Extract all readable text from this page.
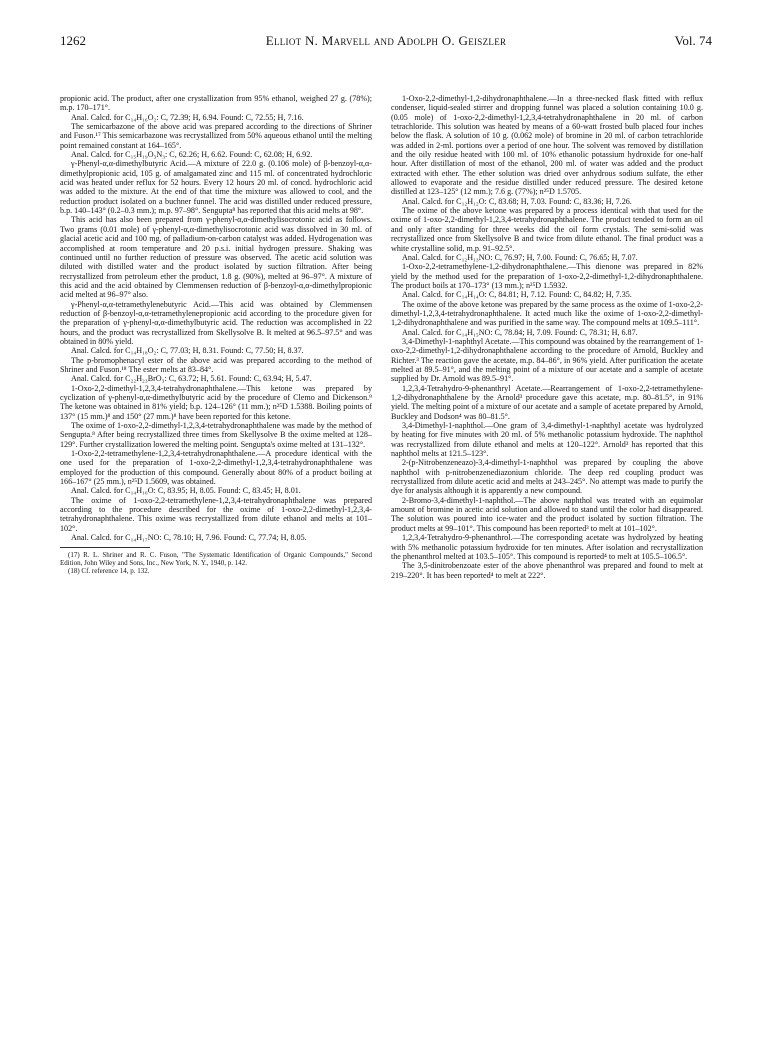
1262	Elliot N. Marvell and Adolph O. Geiszler	Vol. 74

propionic acid. The product, after one crystallization from 95% ethanol, weighed 27 g. (78%); m.p. 170–171°.

Anal. Calcd. for C₁₄H₁₆O₂: C, 72.39; H, 6.94. Found: C, 72.55; H, 7.16.

The semicarbazone of the above acid was prepared according to the directions of Shriner and Fuson.¹⁷ This semicarbazone was recrystallized from 50% aqueous ethanol until the melting point remained constant at 164–165°.

Anal. Calcd. for C₁₅H₁₉O₃N₃: C, 62.26; H, 6.62. Found: C, 62.08; H, 6.92.

γ-Phenyl-α,α-dimethylbutyric Acid.—A mixture of 22.0 g. (0.106 mole) of β-benzoyl-α,α-dimethylpropionic acid, 105 g. of amalgamated zinc and 115 ml. of concentrated hydrochloric acid was heated under reflux for 52 hours. Every 12 hours 20 ml. of concd. hydrochloric acid was added to the mixture. At the end of that time the mixture was allowed to cool, and the reduction product isolated on a buchner funnel. The acid was distilled under reduced pressure, b.p. 140–143° (0.2–0.3 mm.); m.p. 97–98°. Sengupta⁸ has reported that this acid melts at 98°.

This acid has also been prepared from γ-phenyl-α,α-dimethylisocrotonic acid as follows. Two grams (0.01 mole) of γ-phenyl-α,α-dimethylisocrotonic acid was dissolved in 30 ml. of glacial acetic acid and 100 mg. of palladium-on-carbon catalyst was added. Hydrogenation was accomplished at room temperature and 20 p.s.i. initial hydrogen pressure. Shaking was continued until no further reduction of pressure was observed. The acetic acid solution was diluted with distilled water and the product isolated by suction filtration. After being recrystallized from petroleum ether the product, 1.8 g. (90%), melted at 96–97°. A mixture of this acid and the acid obtained by Clemmensen reduction of β-benzoyl-α,α-dimethylpropionic acid melted at 96–97° also.

γ-Phenyl-α,α-tetramethylenebutyric Acid.—This acid was obtained by Clemmensen reduction of β-benzoyl-α,α-tetramethylenepropionic acid according to the procedure given for the preparation of γ-phenyl-α,α-dimethylbutyric acid. The reduction was accomplished in 22 hours, and the product was recrystallized from Skellysolve B. It melted at 96.5–97.5° and was obtained in 80% yield.

Anal. Calcd. for C₁₄H₁₈O₂: C, 77.03; H, 8.31. Found: C, 77.50; H, 8.37.

The p-bromophenacyl ester of the above acid was prepared according to the method of Shriner and Fuson.¹⁸ The ester melts at 83–84°.

Anal. Calcd. for C₂₂H₂₃BrO₃: C, 63.72; H, 5.61. Found: C, 63.94; H, 5.47.

1-Oxo-2,2-dimethyl-1,2,3,4-tetrahydronaphthalene.—This ketone was prepared by cyclization of γ-phenyl-α,α-dimethylbutyric acid by the procedure of Clemo and Dickenson.⁹ The ketone was obtained in 81% yield; b.p. 124–126° (11 mm.); n²⁵D 1.5388. Boiling points of 137° (15 mm.)⁸ and 150° (27 mm.)⁸ have been reported for this ketone.

The oxime of 1-oxo-2,2-dimethyl-1,2,3,4-tetrahydronaphthalene was made by the method of Sengupta.⁸ After being recrystallized three times from Skellysolve B the oxime melted at 128–129°. Further crystallization lowered the melting point. Sengupta's oxime melted at 131–132°.

1-Oxo-2,2-tetramethylene-1,2,3,4-tetrahydronaphthalene.—A procedure identical with the one used for the preparation of 1-oxo-2,2-dimethyl-1,2,3,4-tetrahydronaphthalene was employed for the production of this compound. Generally about 80% of a product boiling at 166–167° (25 mm.), n²⁵D 1.5609, was obtained.

Anal. Calcd. for C₁₄H₁₆O: C, 83.95; H, 8.05. Found: C, 83.45; H, 8.01.

The oxime of 1-oxo-2,2-tetramethylene-1,2,3,4-tetrahydronaphthalene was prepared according to the procedure described for the oxime of 1-oxo-2,2-dimethyl-1,2,3,4-tetrahydronaphthalene. This oxime was recrystallized from dilute ethanol and melts at 101–102°.

Anal. Calcd. for C₁₄H₁₇NO: C, 78.10; H, 7.96. Found: C, 77.74; H, 8.05.

(17) R. L. Shriner and R. C. Fuson, "The Systematic Identification of Organic Compounds," Second Edition, John Wiley and Sons, Inc., New York, N. Y., 1940, p. 142.

(18) Cf. reference 14, p. 132.

1-Oxo-2,2-dimethyl-1,2-dihydronaphthalene.—In a three-necked flask fitted with reflux condenser, liquid-sealed stirrer and dropping funnel was placed a solution containing 10.0 g. (0.05 mole) of 1-oxo-2,2-dimethyl-1,2,3,4-tetrahydronaphthalene in 20 ml. of carbon tetrachloride. This solution was heated by means of a 60-watt frosted bulb placed four inches below the flask. A solution of 10 g. (0.062 mole) of bromine in 20 ml. of carbon tetrachloride was added in 2-ml. portions over a period of one hour. The solvent was removed by distillation and the oily residue heated with 100 ml. of 10% ethanolic potassium hydroxide for one-half hour. After distillation of most of the ethanol, 200 ml. of water was added and the product extracted with ether. The ether solution was dried over anhydrous sodium sulfate, the ether allowed to evaporate and the residue distilled under reduced pressure. The desired ketone distilled at 123–125° (12 mm.); 7.6 g. (77%); n²⁵D 1.5705.

Anal. Calcd. for C₁₂H₁₂O: C, 83.68; H, 7.03. Found: C, 83.36; H, 7.26.

The oxime of the above ketone was prepared by a process identical with that used for the oxime of 1-oxo-2,2-dimethyl-1,2,3,4-tetrahydronaphthalene. The product tended to form an oil and only after standing for three weeks did the oil form crystals. The semi-solid was recrystallized once from Skellysolve B and twice from dilute ethanol. The final product was a white crystalline solid, m.p. 91–92.5°.

Anal. Calcd. for C₁₂H₁₃NO: C, 76.97; H, 7.00. Found: C, 76.65; H, 7.07.

1-Oxo-2,2-tetramethylene-1,2-dihydronaphthalene.—This dienone was prepared in 82% yield by the method used for the preparation of 1-oxo-2,2-dimethyl-1,2-dihydronaphthalene. The product boils at 170–173° (13 mm.); n²⁵D 1.5932.

Anal. Calcd. for C₁₄H₁₄O: C, 84.81; H, 7.12. Found: C, 84.82; H, 7.35.

The oxime of the above ketone was prepared by the same process as the oxime of 1-oxo-2,2-dimethyl-1,2,3,4-tetrahydronaphthalene. It acted much like the oxime of 1-oxo-2,2-dimethyl-1,2-dihydronaphthalene and was purified in the same way. The compound melts at 109.5–111°.

Anal. Calcd. for C₁₄H₁₅NO: C, 78.84; H, 7.09. Found: C, 78.31; H, 6.87.

3,4-Dimethyl-1-naphthyl Acetate.—This compound was obtained by the rearrangement of 1-oxo-2,2-dimethyl-1,2-dihydronaphthalene according to the procedure of Arnold, Buckley and Richter.³ The reaction gave the acetate, m.p. 84–86°, in 96% yield. After purification the acetate melted at 89.5–91°, and the melting point of a mixture of our acetate and a sample of acetate supplied by Dr. Arnold was 89.5–91°.

1,2,3,4-Tetrahydro-9-phenanthryl Acetate.—Rearrangement of 1-oxo-2,2-tetramethylene-1,2-dihydronaphthalene by the Arnold³ procedure gave this acetate, m.p. 80–81.5°, in 91% yield. The melting point of a mixture of our acetate and a sample of acetate prepared by Arnold, Buckley and Dodson⁴ was 80–81.5°.

3,4-Dimethyl-1-naphthol.—One gram of 3,4-dimethyl-1-naphthyl acetate was hydrolyzed by heating for five minutes with 20 ml. of 5% methanolic potassium hydroxide. The naphthol was recrystallized from dilute ethanol and melts at 120–122°. Arnold³ has reported that this naphthol melts at 121.5–123°.

2-(p-Nitrobenzeneazo)-3,4-dimethyl-1-naphthol was prepared by coupling the above naphthol with p-nitrobenzenediazonium chloride. The deep red coupling product was recrystallized from dilute acetic acid and melts at 243–245°. No attempt was made to purify the dye for analysis although it is apparently a new compound.

2-Bromo-3,4-dimethyl-1-naphthol.—The above naphthol was treated with an equimolar amount of bromine in acetic acid solution and allowed to stand until the color had disappeared. The solution was poured into ice-water and the product isolated by suction filtration. The product melts at 99–101°. This compound has been reported³ to melt at 101–102°.

1,2,3,4-Tetrahydro-9-phenanthrol.—The corresponding acetate was hydrolyzed by heating with 5% methanolic potassium hydroxide for ten minutes. After isolation and recrystallization the phenanthrol melted at 103.5–105°. This compound is reported⁴ to melt at 105.5–106.5°.

The 3,5-dinitrobenzoate ester of the above phenanthrol was prepared and found to melt at 219–220°. It has been reported⁴ to melt at 222°.
